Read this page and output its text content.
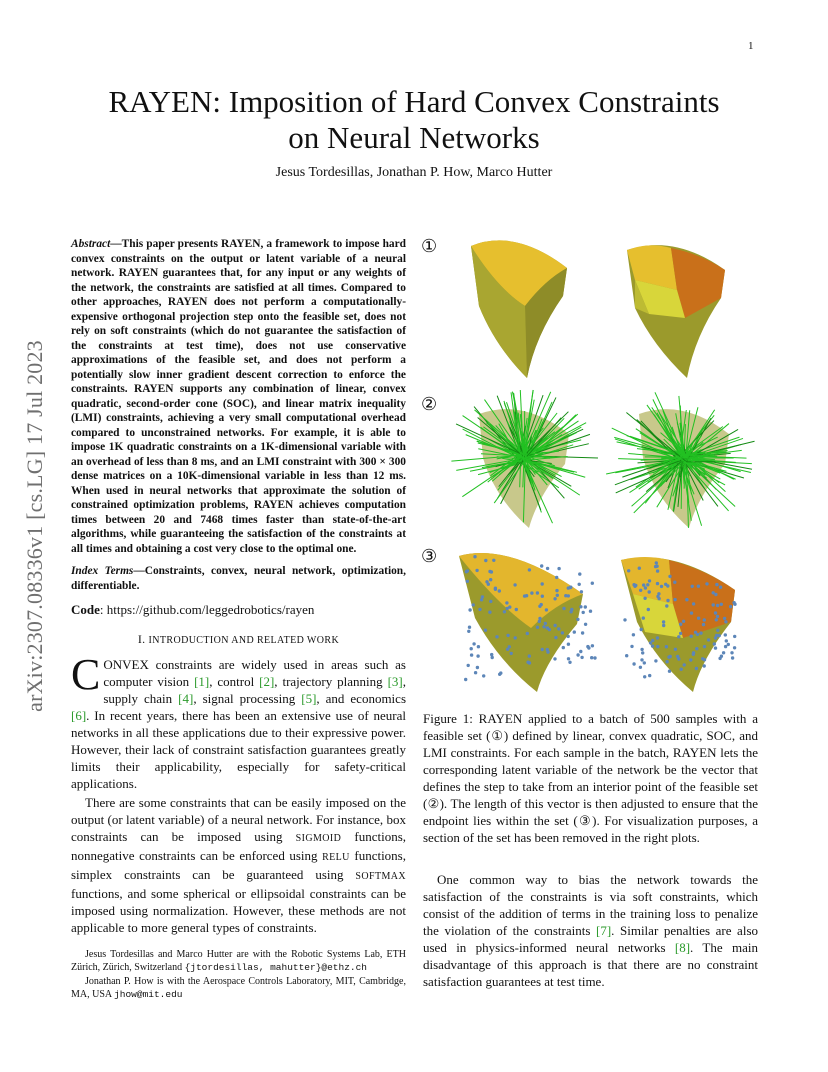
1
arXiv:2307.08336v1 [cs.LG] 17 Jul 2023
RAYEN: Imposition of Hard Convex Constraints
on Neural Networks
Jesus Tordesillas, Jonathan P. How, Marco Hutter
Abstract—This paper presents RAYEN, a framework to impose hard convex constraints on the output or latent variable of a neural network. RAYEN guarantees that, for any input or any weights of the network, the constraints are satisfied at all times. Compared to other approaches, RAYEN does not perform a computationally-expensive orthogonal projection step onto the feasible set, does not rely on soft constraints (which do not guarantee the satisfaction of the constraints at test time), does not use conservative approximations of the feasible set, and does not perform a potentially slow inner gradient descent correction to enforce the constraints. RAYEN supports any combination of linear, convex quadratic, second-order cone (SOC), and linear matrix inequality (LMI) constraints, achieving a very small computational overhead compared to unconstrained networks. For example, it is able to impose 1K quadratic constraints on a 1K-dimensional variable with an overhead of less than 8 ms, and an LMI constraint with 300 × 300 dense matrices on a 10K-dimensional variable in less than 12 ms. When used in neural networks that approximate the solution of constrained optimization problems, RAYEN achieves computation times between 20 and 7468 times faster than state-of-the-art algorithms, while guaranteeing the satisfaction of the constraints at all times and obtaining a cost very close to the optimal one.
Index Terms—Constraints, convex, neural network, optimization, differentiable.
Code: https://github.com/leggedrobotics/rayen
I. INTRODUCTION AND RELATED WORK
CONVEX constraints are widely used in areas such as computer vision [1], control [2], trajectory planning [3], supply chain [4], signal processing [5], and economics [6]. In recent years, there has been an extensive use of neural networks in all these applications due to their expressive power. However, their lack of constraint satisfaction guarantees greatly limits their applicability, especially for safety-critical applications.
There are some constraints that can be easily imposed on the output (or latent variable) of a neural network. For instance, box constraints can be imposed using SIGMOID functions, nonnegative constraints can be enforced using RELU functions, simplex constraints can be guaranteed using SOFTMAX functions, and some spherical or ellipsoidal constraints can be imposed using normalization. However, these methods are not applicable to more general types of constraints.
Jesus Tordesillas and Marco Hutter are with the Robotic Systems Lab, ETH Zürich, Zürich, Switzerland {jtordesillas, mahutter}@ethz.ch
Jonathan P. How is with the Aerospace Controls Laboratory, MIT, Cambridge, MA, USA jhow@mit.edu
①
②
③
Figure 1: RAYEN applied to a batch of 500 samples with a feasible set (①) defined by linear, convex quadratic, SOC, and LMI constraints. For each sample in the batch, RAYEN lets the corresponding latent variable of the network be the vector that defines the step to take from an interior point of the feasible set (②). The length of this vector is then adjusted to ensure that the endpoint lies within the set (③). For visualization purposes, a section of the set has been removed in the right plots.
One common way to bias the network towards the satisfaction of the constraints is via soft constraints, which consist of the addition of terms in the training loss to penalize the violation of the constraints [7]. Similar penalties are also used in physics-informed neural networks [8]. The main disadvantage of this approach is that there are no constraint satisfaction guarantees at test time.
